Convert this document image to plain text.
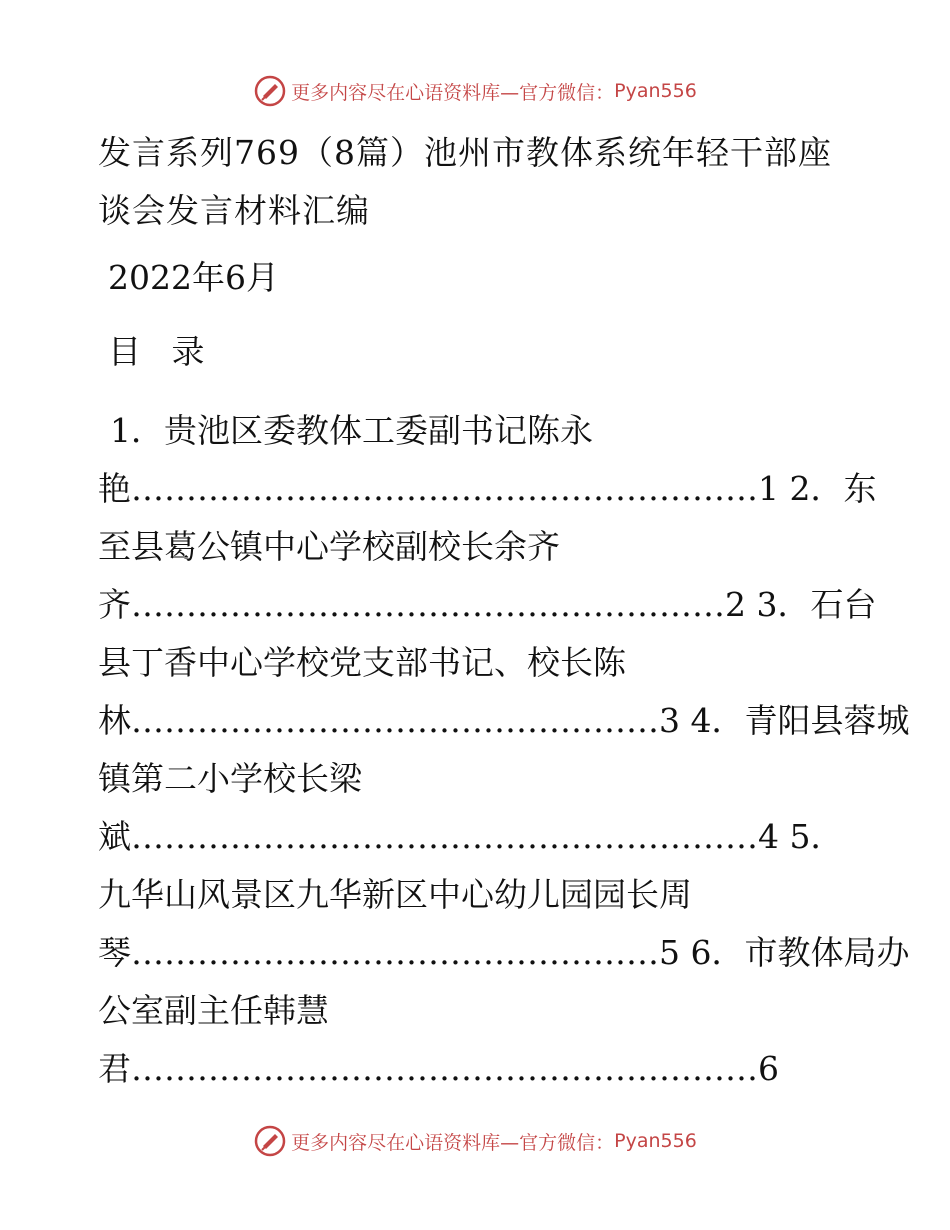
更多内容尽在心语资料库—官方微信： Pyan556
发言系列769（8篇）池州市教体系统年轻干部座
谈会发言材料汇编
2022年6月
目 录
1．贵池区委教体工委副书记陈永
艳…………………………………………………1 2．东
至县葛公镇中心学校副校长余齐
齐………………………………………………2 3．石台
县丁香中心学校党支部书记、校长陈
林…………………………………………3 4．青阳县蓉城
镇第二小学校长梁
斌…………………………………………………4 5．
九华山风景区九华新区中心幼儿园园长周
琴…………………………………………5 6．市教体局办
公室副主任韩慧
君…………………………………………………6
更多内容尽在心语资料库—官方微信： Pyan556
